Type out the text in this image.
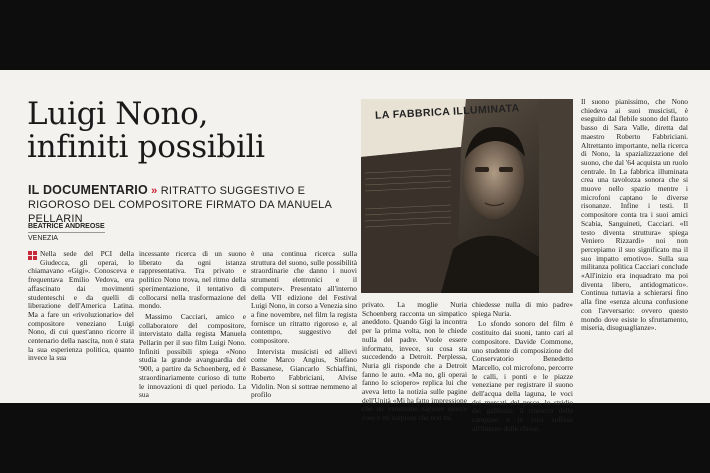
Luigi Nono,
infiniti possibili
IL DOCUMENTARIO » RITRATTO SUGGESTIVO E RIGOROSO DEL COMPOSITORE FIRMATO DA MANUELA PELLARIN
BEATRICE ANDREOSE
VENEZIA

Nella sede del PCI della Giudecca, gli operai, lo chiamavano «Gigi». Conosceva e frequentava Emilio Vedova, era affascinato dai movimenti studenteschi e da quelli di liberazione dell'America Latina. Ma a fare un «rivoluzionario» del compositore veneziano Luigi Nono, di cui quest'anno ricorre il centenario della nascita, non è stata la sua esperienza politica, quanto invece la sua

incessante ricerca di un suono liberato da ogni istanza rappresentativa. Tra privato e politico Nono trova, nel ritmo della sperimentazione, il tentativo di collocarsi nella trasformazione del mondo.

Massimo Cacciari, amico e collaboratore del compositore, intervistato dalla regista Manuela Pellarin per il suo film Luigi Nono. Infiniti possibili spiega «Nono studia la grande avanguardia del '900, a partire da Schoenberg, ed è straordinariamente curioso di tutte le innovazioni di quel periodo. La sua

è una continua ricerca sulla struttura del suono, sulle possibilità straordinarie che danno i nuovi strumenti elettronici e il computer». Presentato all'interno della VII edizione del Festival Luigi Nono, in corso a Venezia sino a fine novembre, nel film la regista fornisce un ritratto rigoroso e, al contempo, suggestivo del compositore.

Intervista musicisti ed allievi come Marco Angius, Stefano Bassanese, Giancarlo Schiaffini, Roberto Fabbriciani, Alvise Vidolin. Non si sottrae nemmeno al profilo

LA FABBRICA ILLUMINATA

privato. La moglie Nuria Schoenberg racconta un simpatico aneddoto. Quando Gigi la incontra per la prima volta, non le chiede nulla del padre. Vuole essere informato, invece, su cosa sta succedendo a Detroit. Perplessa, Nuria gli risponde che a Detroit fanno le auto. «Ma no, gli operai fanno lo sciopero» replica lui che aveva letto la notizia sulle pagine dell'Unità «Mi ha fatto impressione che un veneziano sapesse queste cose e mi sorprese che non mi

chiedesse nulla di mio padre» spiega Nuria.

Lo sfondo sonoro del film è costituito dai suoni, tanto cari al compositore. Davide Commone, uno studente di composizione del Conservatorio Benedetto Marcello, col microfono, percorre le calli, i ponti e le piazze veneziane per registrare il suono dell'acqua della laguna, le voci dei mercati del pesce, lo stridio dei gabbiani, il rintocco delle campane e le voci soffuse all'interno delle chiese.

Il suono pianissimo, che Nono chiedeva ai suoi musicisti, è eseguito dal flebile suono del flauto basso di Sara Valle, diretta dal maestro Roberto Fabbriciani. Altrettanto importante, nella ricerca di Nono, la spazializzazione del suono, che dal '64 acquista un ruolo centrale. In La fabbrica illuminata crea una tavolozza sonora che si muove nello spazio mentre i microfoni captano le diverse risonanze. Infine i testi. Il compositore conta tra i suoi amici Scabia, Sanguineti, Cacciari. «Il testo diventa struttura» spiega Veniero Rizzardi» noi non percepiamo il suo significato ma il suo impatto emotivo». Sulla sua militanza politica Cacciari conclude «All'inizio era inquadrato ma poi diventa libero, antidogmatico». Continua tuttavia a schierarsi fino alla fine «senza alcuna confusione con l'avversario: ovvero questo mondo dove esiste lo sfruttamento, miseria, disuguaglianze».
